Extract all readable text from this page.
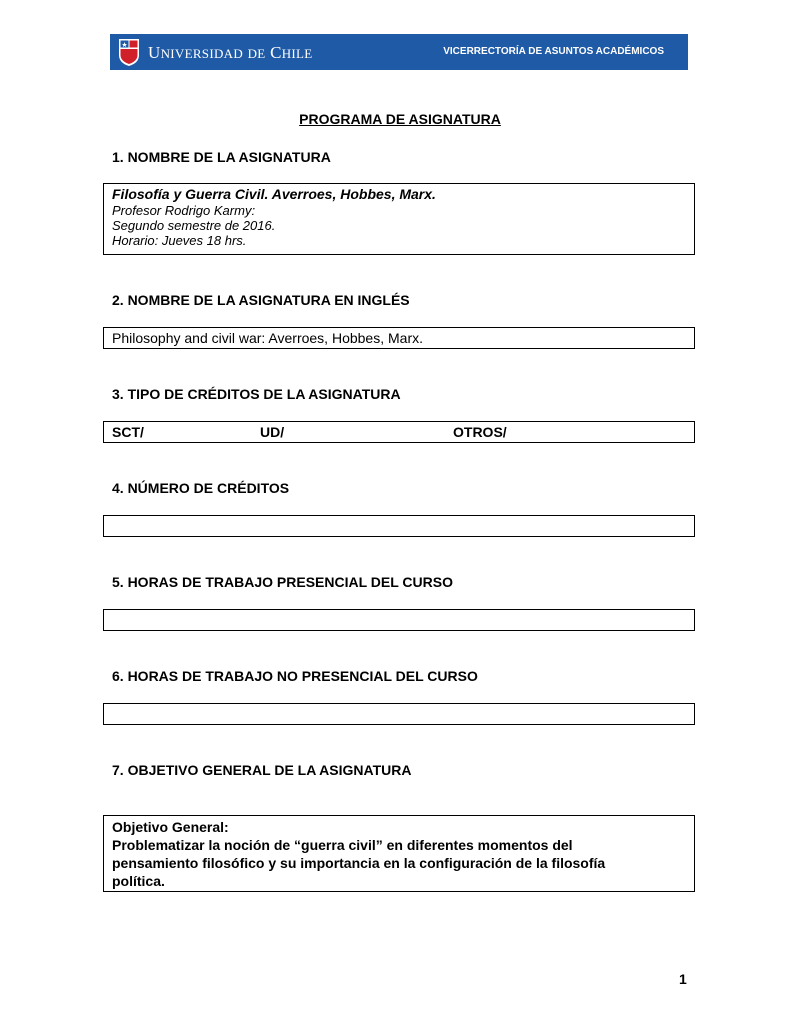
UNIVERSIDAD DE CHILE	VICERRECTORÍA DE ASUNTOS ACADÉMICOS
PROGRAMA DE ASIGNATURA
1. NOMBRE DE LA ASIGNATURA
Filosofía y Guerra Civil. Averroes, Hobbes, Marx.
Profesor Rodrigo Karmy:
Segundo semestre de 2016.
Horario: Jueves 18 hrs.
2. NOMBRE DE LA ASIGNATURA EN INGLÉS
Philosophy and civil war: Averroes, Hobbes, Marx.
3. TIPO DE CRÉDITOS DE LA ASIGNATURA
SCT/	UD/	OTROS/
4. NÚMERO DE CRÉDITOS
5. HORAS DE TRABAJO PRESENCIAL DEL CURSO
6. HORAS DE TRABAJO NO PRESENCIAL DEL CURSO
7. OBJETIVO GENERAL DE LA ASIGNATURA
Objetivo General:
Problematizar la noción de “guerra civil” en diferentes momentos del
pensamiento filosófico y su importancia en la configuración de la filosofía
política.
1
